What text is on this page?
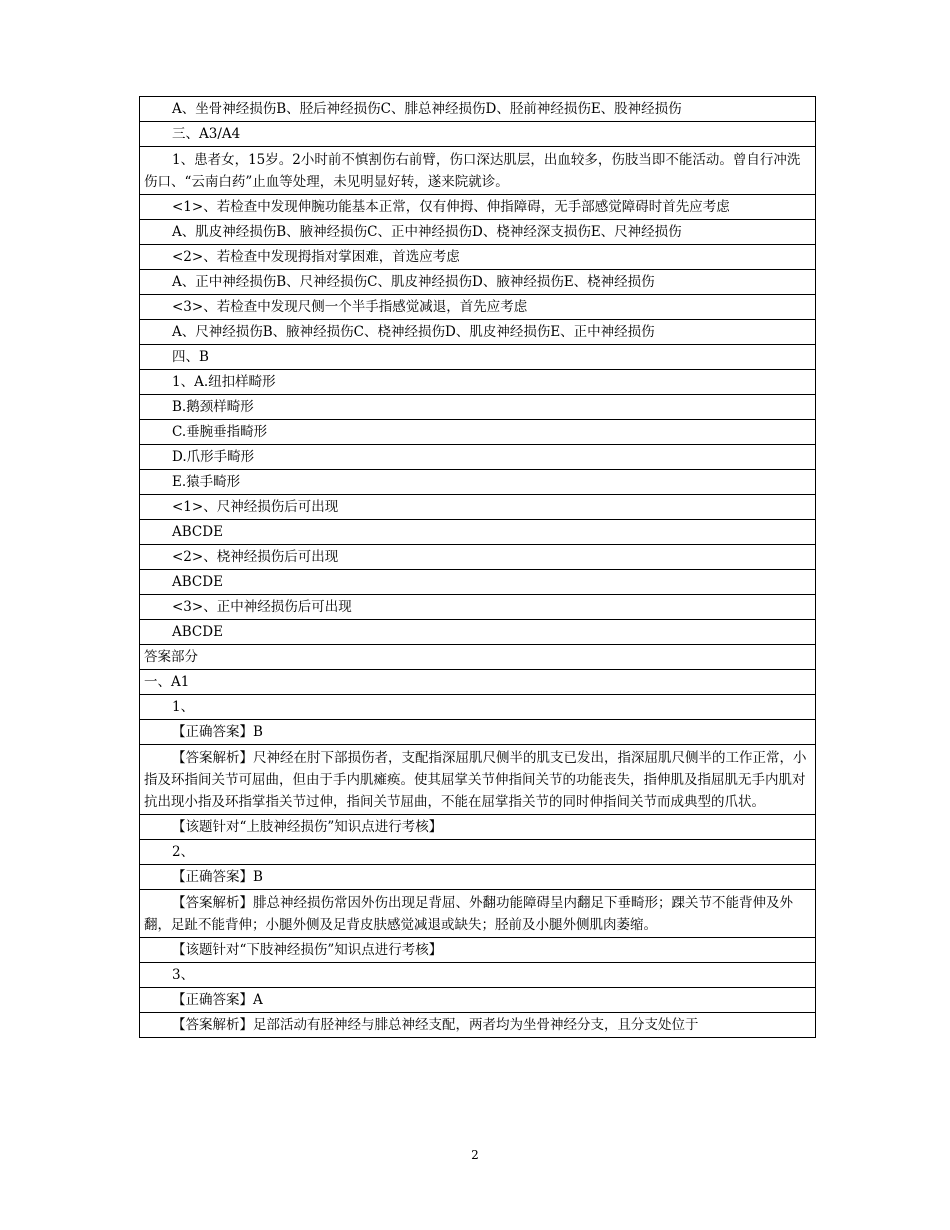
A、坐骨神经损伤B、胫后神经损伤C、腓总神经损伤D、胫前神经损伤E、股神经损伤
三、A3/A4
1、患者女，15岁。2小时前不慎割伤右前臂，伤口深达肌层，出血较多，伤肢当即不能活动。曾自行冲洗伤口、“云南白药”止血等处理，未见明显好转，遂来院就诊。
<1>、若检查中发现伸腕功能基本正常，仅有伸拇、伸指障碍，无手部感觉障碍时首先应考虑
A、肌皮神经损伤B、腋神经损伤C、正中神经损伤D、桡神经深支损伤E、尺神经损伤
<2>、若检查中发现拇指对掌困难，首选应考虑
A、正中神经损伤B、尺神经损伤C、肌皮神经损伤D、腋神经损伤E、桡神经损伤
<3>、若检查中发现尺侧一个半手指感觉减退，首先应考虑
A、尺神经损伤B、腋神经损伤C、桡神经损伤D、肌皮神经损伤E、正中神经损伤
四、B
1、A.纽扣样畸形
B.鹅颈样畸形
C.垂腕垂指畸形
D.爪形手畸形
E.猿手畸形
<1>、尺神经损伤后可出现
ABCDE
<2>、桡神经损伤后可出现
ABCDE
<3>、正中神经损伤后可出现
ABCDE
答案部分
一、A1
1、
【正确答案】B
【答案解析】尺神经在肘下部损伤者，支配指深屈肌尺侧半的肌支已发出，指深屈肌尺侧半的工作正常，小指及环指间关节可屈曲，但由于手内肌瘫痪。使其屈掌关节伸指间关节的功能丧失，指伸肌及指屈肌无手内肌对抗出现小指及环指掌指关节过伸，指间关节屈曲，不能在屈掌指关节的同时伸指间关节而成典型的爪状。
【该题针对“上肢神经损伤”知识点进行考核】
2、
【正确答案】B
【答案解析】腓总神经损伤常因外伤出现足背屈、外翻功能障碍呈内翻足下垂畸形；踝关节不能背伸及外翻，足趾不能背伸；小腿外侧及足背皮肤感觉减退或缺失；胫前及小腿外侧肌肉萎缩。
【该题针对“下肢神经损伤”知识点进行考核】
3、
【正确答案】A
【答案解析】足部活动有胫神经与腓总神经支配，两者均为坐骨神经分支，且分支处位于
2
